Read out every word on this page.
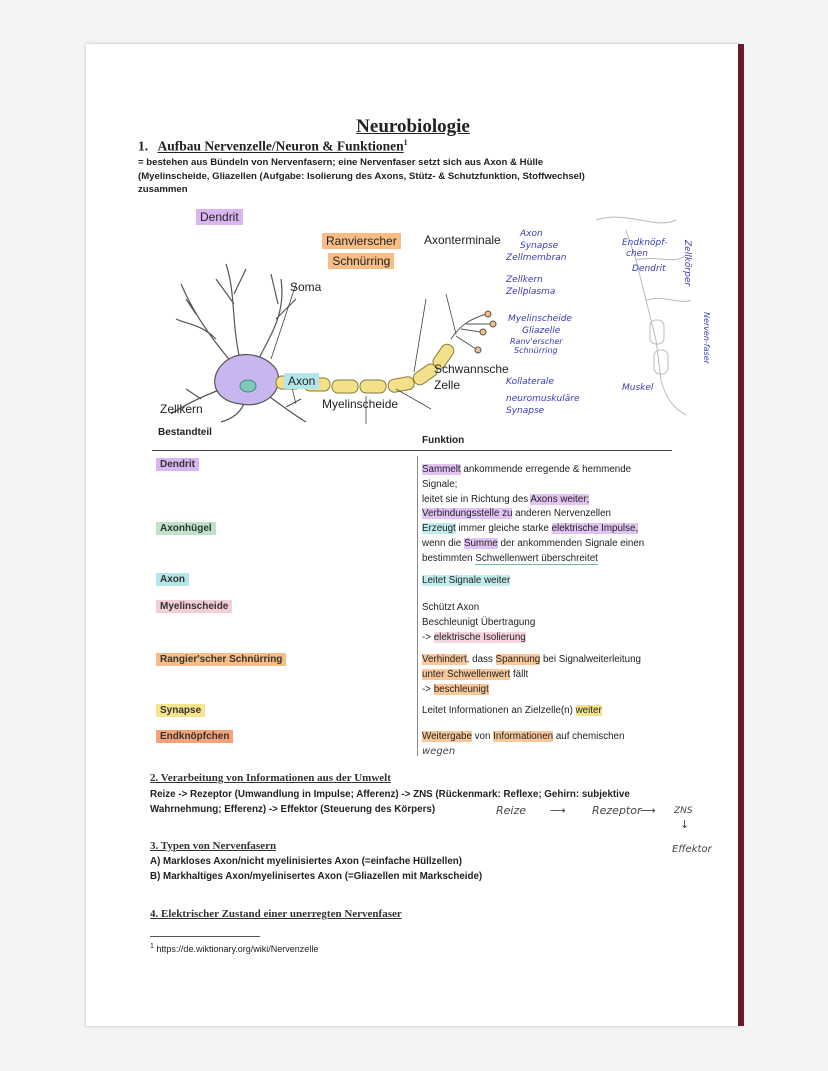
Neurobiologie
1. Aufbau Nervenzelle/Neuron & Funktionen$^1$
= bestehen aus Bündeln von Nervenfasern; eine Nervenfaser setzt sich aus Axon & Hülle
(Myelinscheide, Gliazellen (Aufgabe: Isolierung des Axons, Stütz- & Schutzfunktion, Stoffwechsel)
zusammen
Dendrit
Ranvierscher
Schnürring
Axonterminale
Soma
Axon
Schwannsche
Zelle
Myelinscheide
Zellkern
Axon
Synapse
Zellmembran
Endknöpf-
chen
Dendrit Zellkörper
Nerven-faser
Zellkern
Zellplasma
Myelinscheide
Gliazelle
Ranv'erscher
Schnürring
Kollaterale
Muskel
neuromuskuläre
Synapse
Bestandteil
Funktion
Dendrit
Axonhügel
Axon
Myelinscheide
Rangier'scher Schnürring
Synapse
Endknöpfchen
Sammelt ankommende erregende & hemmende
Signale;
leitet sie in Richtung des Axons weiter;
Verbindungsstelle zu anderen Nervenzellen
Erzeugt immer gleiche starke elektrische Impulse,
wenn die Summe der ankommenden Signale einen
bestimmten Schwellenwert überschreitet
Leitet Signale weiter
Schützt Axon
Beschleunigt Übertragung
-> elektrische Isolierung
Verhindert, dass Spannung bei Signalweiterleitung
unter Schwellenwert fällt
-> beschleunigt
Leitet Informationen an Zielzelle(n) weiter
Weitergabe von Informationen auf chemischen
wegen
2. Verarbeitung von Informationen aus der Umwelt
Reize -> Rezeptor (Umwandlung in Impulse; Afferenz) -> ZNS (Rückenmark: Reflexe; Gehirn: subjektive
Wahrnehmung; Efferenz) -> Effektor (Steuerung des Körpers)	Reize ⟶ Rezeptor
⟶ ZNS
↓
Effektor
3. Typen von Nervenfasern
A) Markloses Axon/nicht myelinisiertes Axon (=einfache Hüllzellen)
B) Markhaltiges Axon/myelinisertes Axon (=Gliazellen mit Markscheide)
4. Elektrischer Zustand einer unerregten Nervenfaser
$^1$ https://de.wiktionary.org/wiki/Nervenzelle
